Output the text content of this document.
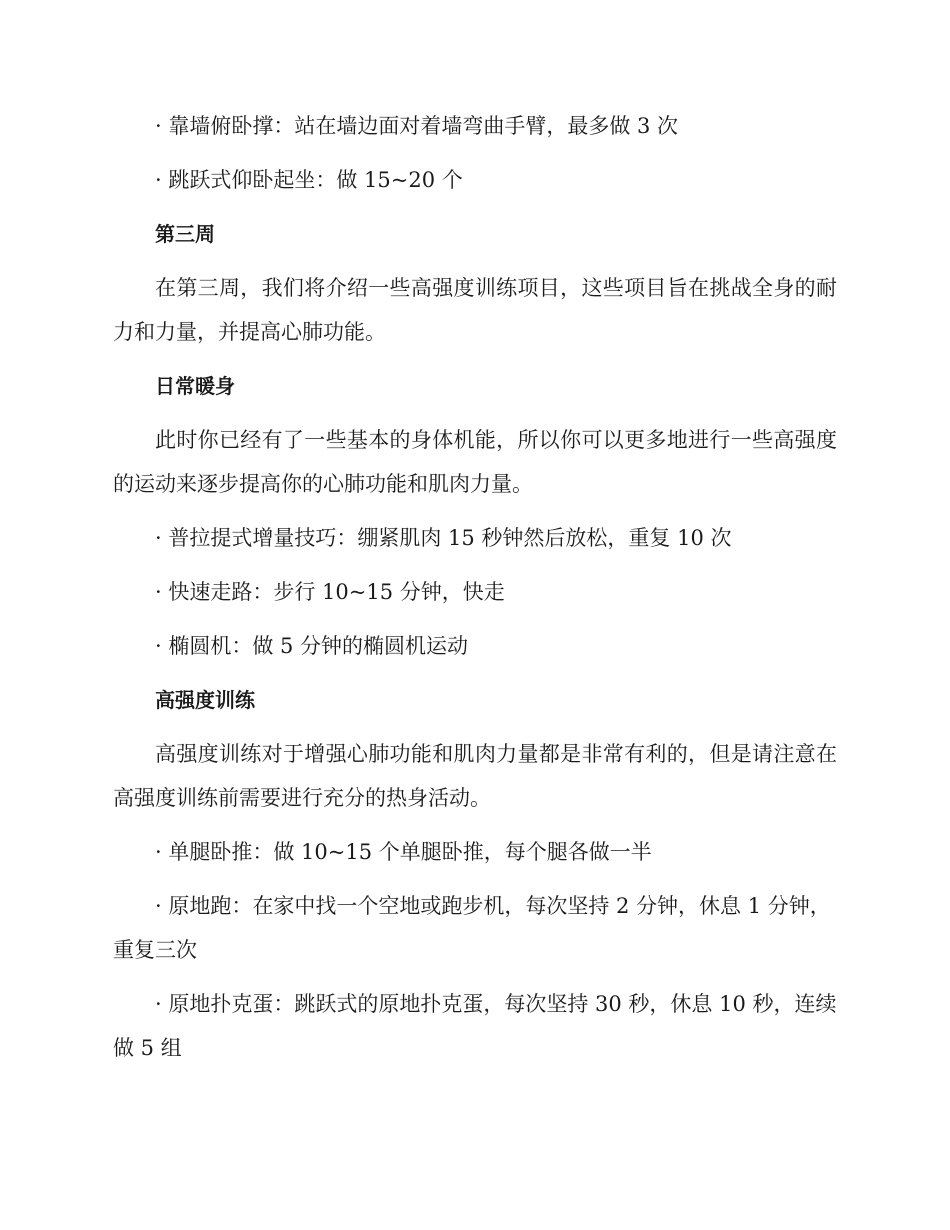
· 靠墙俯卧撑：站在墙边面对着墙弯曲手臂，最多做 3 次

· 跳跃式仰卧起坐：做 15~20 个

第三周

在第三周，我们将介绍一些高强度训练项目，这些项目旨在挑战全身的耐力和力量，并提高心肺功能。

日常暖身

此时你已经有了一些基本的身体机能，所以你可以更多地进行一些高强度的运动来逐步提高你的心肺功能和肌肉力量。

· 普拉提式增量技巧：绷紧肌肉 15 秒钟然后放松，重复 10 次

· 快速走路：步行 10~15 分钟，快走

· 椭圆机：做 5 分钟的椭圆机运动

高强度训练

高强度训练对于增强心肺功能和肌肉力量都是非常有利的，但是请注意在高强度训练前需要进行充分的热身活动。

· 单腿卧推：做 10~15 个单腿卧推，每个腿各做一半

· 原地跑：在家中找一个空地或跑步机，每次坚持 2 分钟，休息 1 分钟，重复三次

· 原地扑克蛋：跳跃式的原地扑克蛋，每次坚持 30 秒，休息 10 秒，连续做 5 组
